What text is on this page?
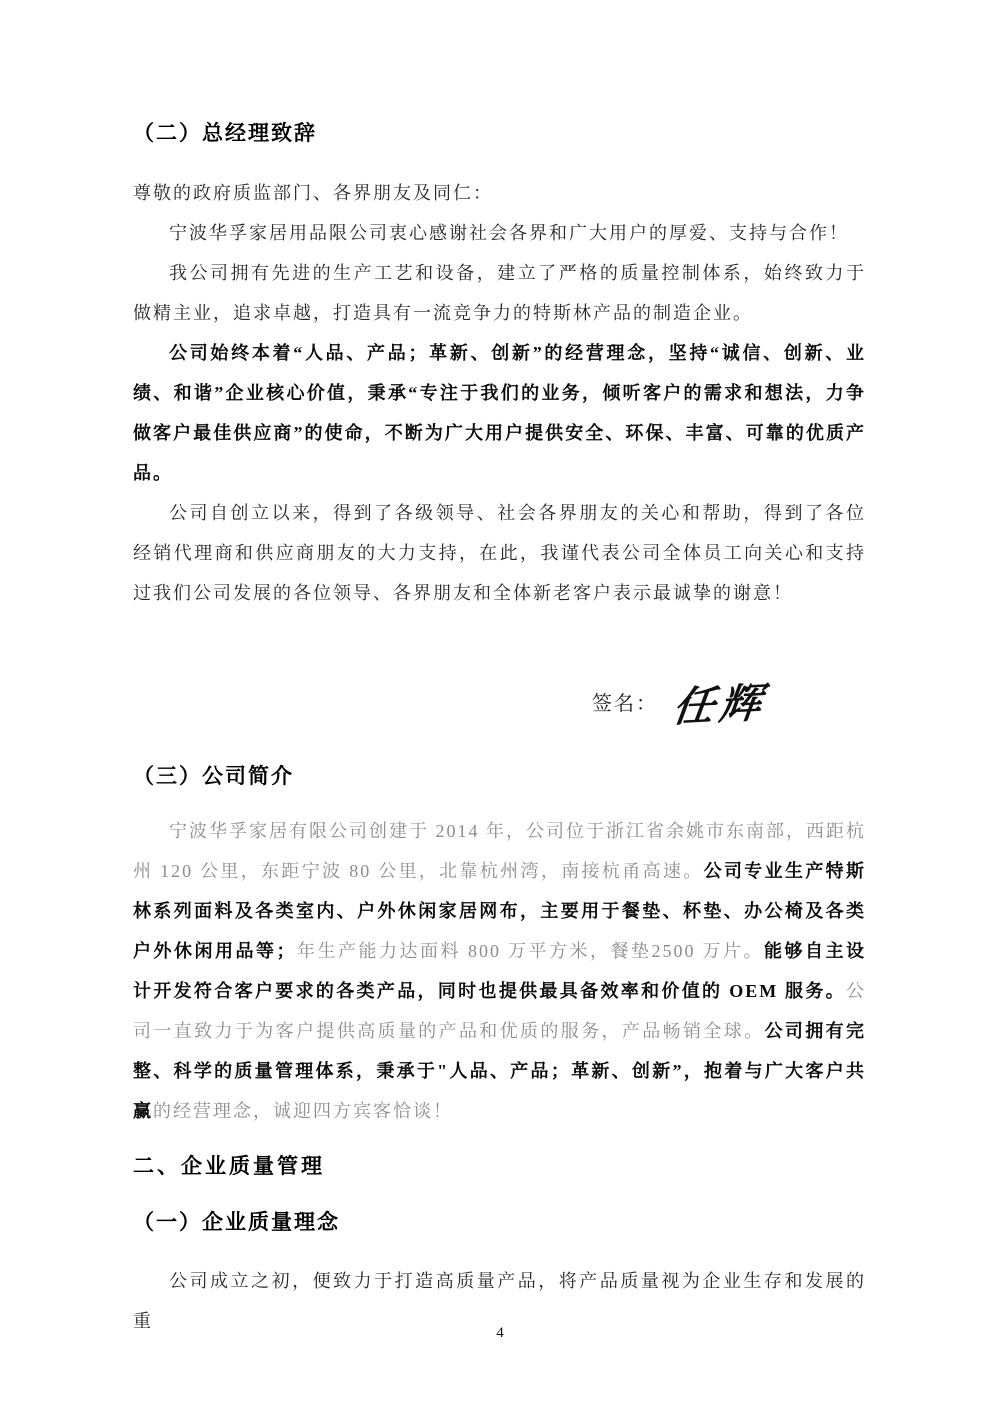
（二）总经理致辞

尊敬的政府质监部门、各界朋友及同仁：

宁波华孚家居用品限公司衷心感谢社会各界和广大用户的厚爱、支持与合作！

我公司拥有先进的生产工艺和设备，建立了严格的质量控制体系，始终致力于做精主业，追求卓越，打造具有一流竞争力的特斯林产品的制造企业。

公司始终本着“人品、产品；革新、创新”的经营理念，坚持“诚信、创新、业绩、和谐”企业核心价值，秉承“专注于我们的业务，倾听客户的需求和想法，力争做客户最佳供应商”的使命，不断为广大用户提供安全、环保、丰富、可靠的优质产品。

公司自创立以来，得到了各级领导、社会各界朋友的关心和帮助，得到了各位经销代理商和供应商朋友的大力支持，在此，我谨代表公司全体员工向关心和支持过我们公司发展的各位领导、各界朋友和全体新老客户表示最诚挚的谢意！

签名： 任辉
（三）公司简介

宁波华孚家居有限公司创建于 2014 年，公司位于浙江省余姚市东南部，西距杭州 120 公里，东距宁波 80 公里，北靠杭州湾，南接杭甬高速。公司专业生产特斯林系列面料及各类室内、户外休闲家居网布，主要用于餐垫、杯垫、办公椅及各类户外休闲用品等；年生产能力达面料 800 万平方米，餐垫2500 万片。能够自主设计开发符合客户要求的各类产品，同时也提供最具备效率和价值的 OEM 服务。公司一直致力于为客户提供高质量的产品和优质的服务，产品畅销全球。公司拥有完整、科学的质量管理体系，秉承于"人品、产品；革新、创新”，抱着与广大客户共赢的经营理念，诚迎四方宾客恰谈！

二、企业质量管理
（一）企业质量理念

公司成立之初，便致力于打造高质量产品，将产品质量视为企业生存和发展的重

4
